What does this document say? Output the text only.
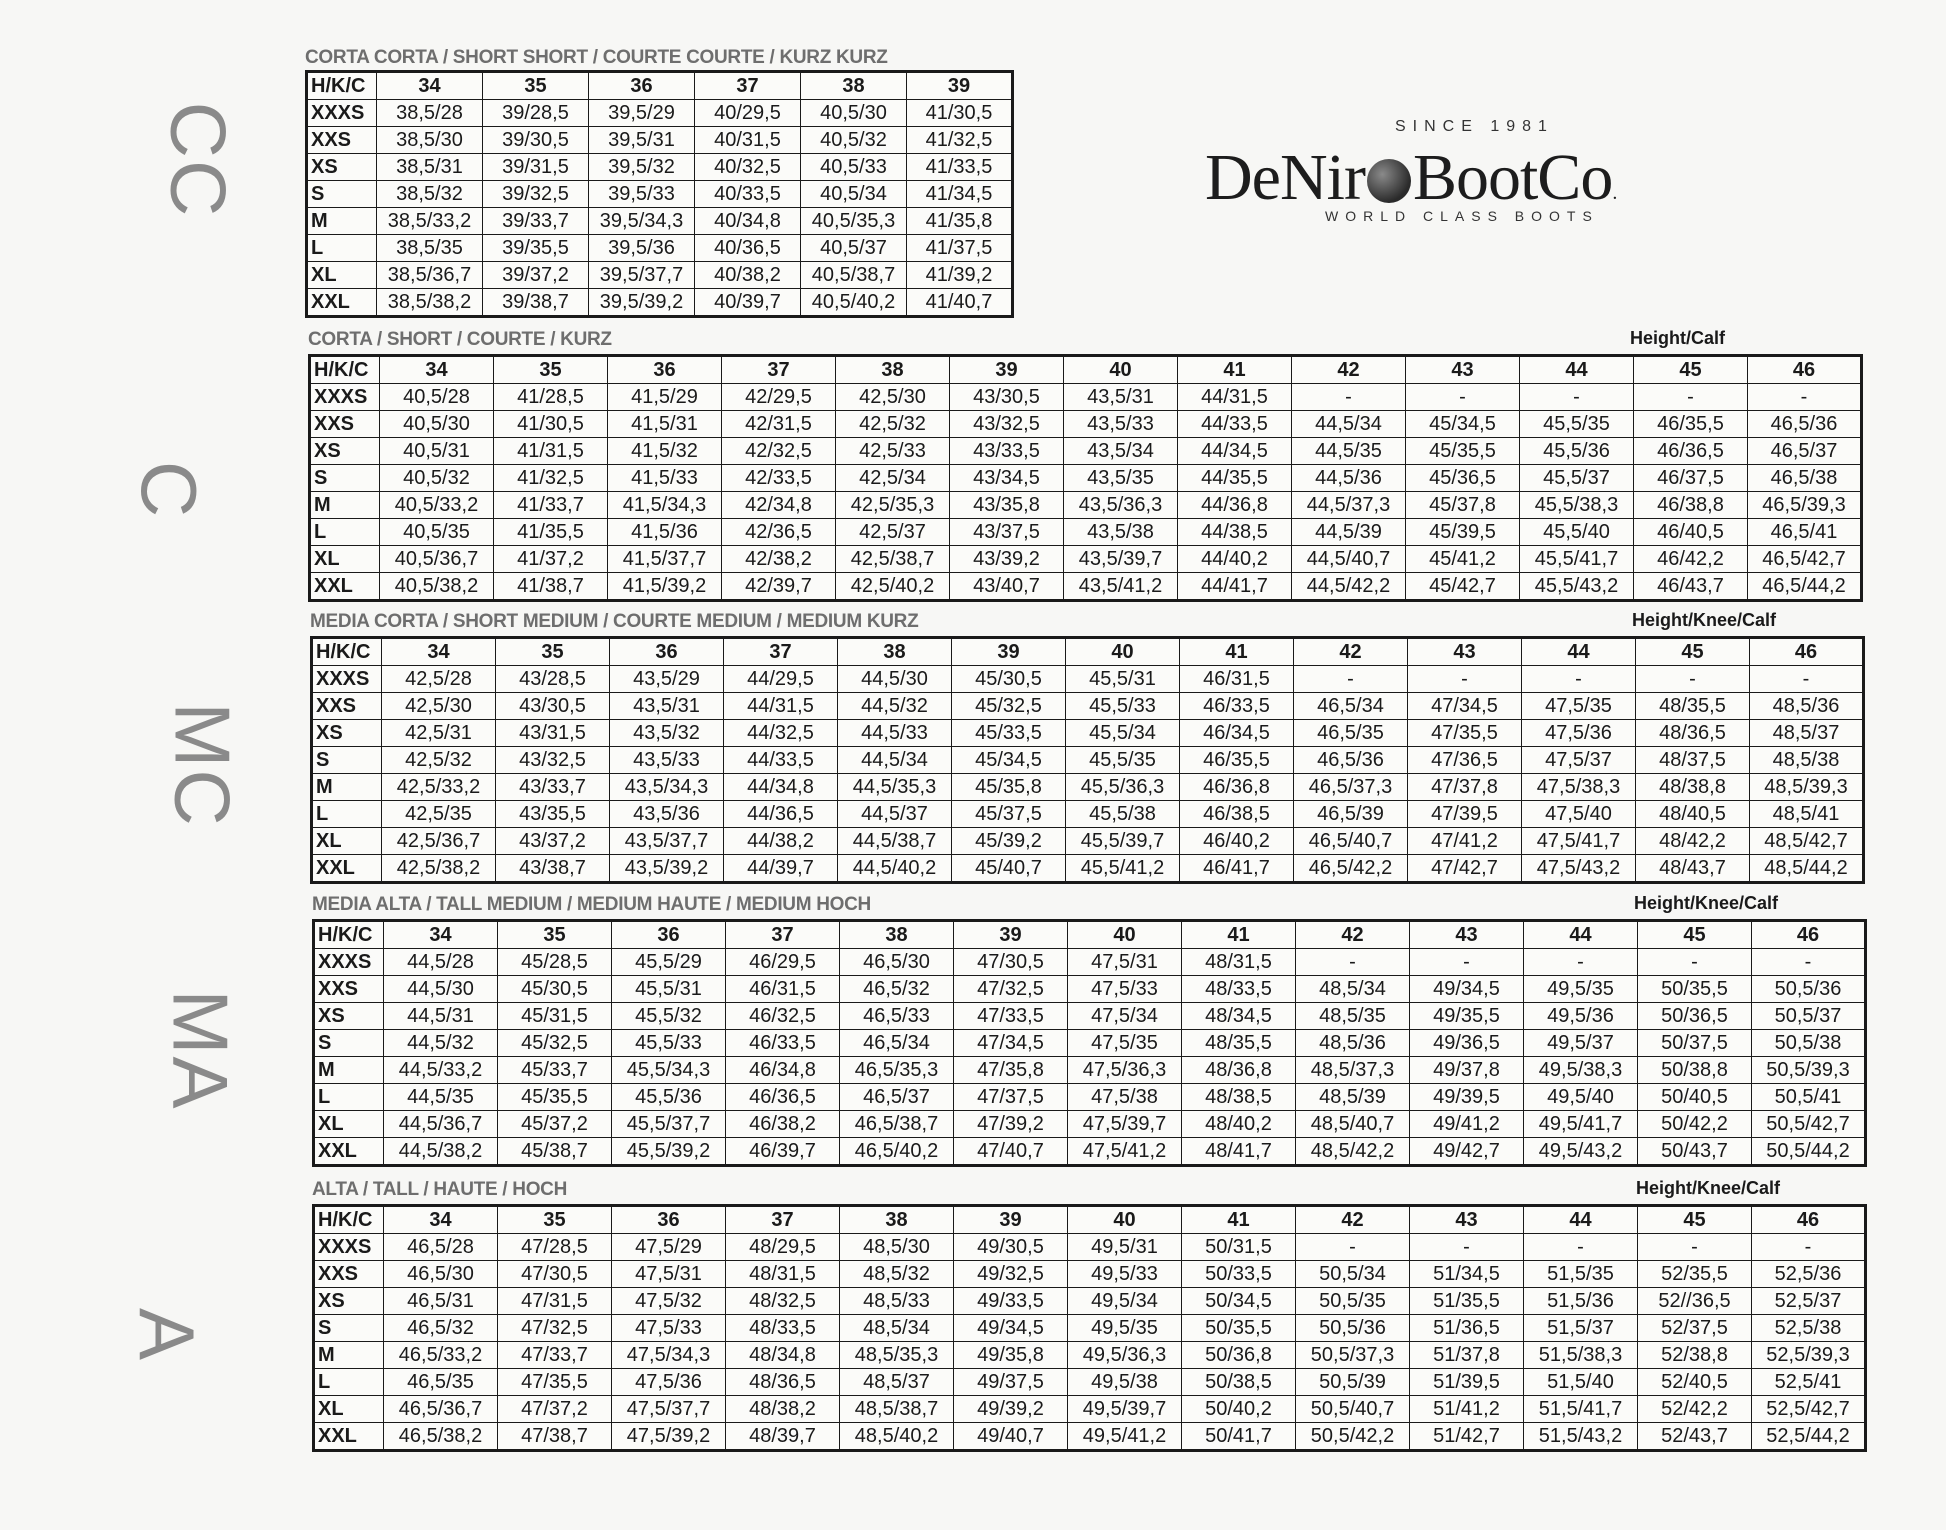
SINCE 1981
DeNir BootCo.
WORLD CLASS BOOTS
CORTA CORTA / SHORT SHORT / COURTE COURTE / KURZ KURZ
CC
H/K/C	34	35	36	37	38	39
XXXS	38,5/28	39/28,5	39,5/29	40/29,5	40,5/30	41/30,5
XXS	38,5/30	39/30,5	39,5/31	40/31,5	40,5/32	41/32,5
XS	38,5/31	39/31,5	39,5/32	40/32,5	40,5/33	41/33,5
S	38,5/32	39/32,5	39,5/33	40/33,5	40,5/34	41/34,5
M	38,5/33,2	39/33,7	39,5/34,3	40/34,8	40,5/35,3	41/35,8
L	38,5/35	39/35,5	39,5/36	40/36,5	40,5/37	41/37,5
XL	38,5/36,7	39/37,2	39,5/37,7	40/38,2	40,5/38,7	41/39,2
XXL	38,5/38,2	39/38,7	39,5/39,2	40/39,7	40,5/40,2	41/40,7
CORTA / SHORT / COURTE / KURZ	Height/Calf
C
H/K/C	34	35	36	37	38	39	40	41	42	43	44	45	46
XXXS	40,5/28	41/28,5	41,5/29	42/29,5	42,5/30	43/30,5	43,5/31	44/31,5	-	-	-	-	-
XXS	40,5/30	41/30,5	41,5/31	42/31,5	42,5/32	43/32,5	43,5/33	44/33,5	44,5/34	45/34,5	45,5/35	46/35,5	46,5/36
XS	40,5/31	41/31,5	41,5/32	42/32,5	42,5/33	43/33,5	43,5/34	44/34,5	44,5/35	45/35,5	45,5/36	46/36,5	46,5/37
S	40,5/32	41/32,5	41,5/33	42/33,5	42,5/34	43/34,5	43,5/35	44/35,5	44,5/36	45/36,5	45,5/37	46/37,5	46,5/38
M	40,5/33,2	41/33,7	41,5/34,3	42/34,8	42,5/35,3	43/35,8	43,5/36,3	44/36,8	44,5/37,3	45/37,8	45,5/38,3	46/38,8	46,5/39,3
L	40,5/35	41/35,5	41,5/36	42/36,5	42,5/37	43/37,5	43,5/38	44/38,5	44,5/39	45/39,5	45,5/40	46/40,5	46,5/41
XL	40,5/36,7	41/37,2	41,5/37,7	42/38,2	42,5/38,7	43/39,2	43,5/39,7	44/40,2	44,5/40,7	45/41,2	45,5/41,7	46/42,2	46,5/42,7
XXL	40,5/38,2	41/38,7	41,5/39,2	42/39,7	42,5/40,2	43/40,7	43,5/41,2	44/41,7	44,5/42,2	45/42,7	45,5/43,2	46/43,7	46,5/44,2
MEDIA CORTA / SHORT MEDIUM / COURTE MEDIUM / MEDIUM KURZ	Height/Knee/Calf
MC
H/K/C	34	35	36	37	38	39	40	41	42	43	44	45	46
XXXS	42,5/28	43/28,5	43,5/29	44/29,5	44,5/30	45/30,5	45,5/31	46/31,5	-	-	-	-	-
XXS	42,5/30	43/30,5	43,5/31	44/31,5	44,5/32	45/32,5	45,5/33	46/33,5	46,5/34	47/34,5	47,5/35	48/35,5	48,5/36
XS	42,5/31	43/31,5	43,5/32	44/32,5	44,5/33	45/33,5	45,5/34	46/34,5	46,5/35	47/35,5	47,5/36	48/36,5	48,5/37
S	42,5/32	43/32,5	43,5/33	44/33,5	44,5/34	45/34,5	45,5/35	46/35,5	46,5/36	47/36,5	47,5/37	48/37,5	48,5/38
M	42,5/33,2	43/33,7	43,5/34,3	44/34,8	44,5/35,3	45/35,8	45,5/36,3	46/36,8	46,5/37,3	47/37,8	47,5/38,3	48/38,8	48,5/39,3
L	42,5/35	43/35,5	43,5/36	44/36,5	44,5/37	45/37,5	45,5/38	46/38,5	46,5/39	47/39,5	47,5/40	48/40,5	48,5/41
XL	42,5/36,7	43/37,2	43,5/37,7	44/38,2	44,5/38,7	45/39,2	45,5/39,7	46/40,2	46,5/40,7	47/41,2	47,5/41,7	48/42,2	48,5/42,7
XXL	42,5/38,2	43/38,7	43,5/39,2	44/39,7	44,5/40,2	45/40,7	45,5/41,2	46/41,7	46,5/42,2	47/42,7	47,5/43,2	48/43,7	48,5/44,2
MEDIA ALTA / TALL MEDIUM / MEDIUM HAUTE / MEDIUM HOCH	Height/Knee/Calf
MA
H/K/C	34	35	36	37	38	39	40	41	42	43	44	45	46
XXXS	44,5/28	45/28,5	45,5/29	46/29,5	46,5/30	47/30,5	47,5/31	48/31,5	-	-	-	-	-
XXS	44,5/30	45/30,5	45,5/31	46/31,5	46,5/32	47/32,5	47,5/33	48/33,5	48,5/34	49/34,5	49,5/35	50/35,5	50,5/36
XS	44,5/31	45/31,5	45,5/32	46/32,5	46,5/33	47/33,5	47,5/34	48/34,5	48,5/35	49/35,5	49,5/36	50/36,5	50,5/37
S	44,5/32	45/32,5	45,5/33	46/33,5	46,5/34	47/34,5	47,5/35	48/35,5	48,5/36	49/36,5	49,5/37	50/37,5	50,5/38
M	44,5/33,2	45/33,7	45,5/34,3	46/34,8	46,5/35,3	47/35,8	47,5/36,3	48/36,8	48,5/37,3	49/37,8	49,5/38,3	50/38,8	50,5/39,3
L	44,5/35	45/35,5	45,5/36	46/36,5	46,5/37	47/37,5	47,5/38	48/38,5	48,5/39	49/39,5	49,5/40	50/40,5	50,5/41
XL	44,5/36,7	45/37,2	45,5/37,7	46/38,2	46,5/38,7	47/39,2	47,5/39,7	48/40,2	48,5/40,7	49/41,2	49,5/41,7	50/42,2	50,5/42,7
XXL	44,5/38,2	45/38,7	45,5/39,2	46/39,7	46,5/40,2	47/40,7	47,5/41,2	48/41,7	48,5/42,2	49/42,7	49,5/43,2	50/43,7	50,5/44,2
ALTA / TALL / HAUTE / HOCH	Height/Knee/Calf
A
H/K/C	34	35	36	37	38	39	40	41	42	43	44	45	46
XXXS	46,5/28	47/28,5	47,5/29	48/29,5	48,5/30	49/30,5	49,5/31	50/31,5	-	-	-	-	-
XXS	46,5/30	47/30,5	47,5/31	48/31,5	48,5/32	49/32,5	49,5/33	50/33,5	50,5/34	51/34,5	51,5/35	52/35,5	52,5/36
XS	46,5/31	47/31,5	47,5/32	48/32,5	48,5/33	49/33,5	49,5/34	50/34,5	50,5/35	51/35,5	51,5/36	52//36,5	52,5/37
S	46,5/32	47/32,5	47,5/33	48/33,5	48,5/34	49/34,5	49,5/35	50/35,5	50,5/36	51/36,5	51,5/37	52/37,5	52,5/38
M	46,5/33,2	47/33,7	47,5/34,3	48/34,8	48,5/35,3	49/35,8	49,5/36,3	50/36,8	50,5/37,3	51/37,8	51,5/38,3	52/38,8	52,5/39,3
L	46,5/35	47/35,5	47,5/36	48/36,5	48,5/37	49/37,5	49,5/38	50/38,5	50,5/39	51/39,5	51,5/40	52/40,5	52,5/41
XL	46,5/36,7	47/37,2	47,5/37,7	48/38,2	48,5/38,7	49/39,2	49,5/39,7	50/40,2	50,5/40,7	51/41,2	51,5/41,7	52/42,2	52,5/42,7
XXL	46,5/38,2	47/38,7	47,5/39,2	48/39,7	48,5/40,2	49/40,7	49,5/41,2	50/41,7	50,5/42,2	51/42,7	51,5/43,2	52/43,7	52,5/44,2
